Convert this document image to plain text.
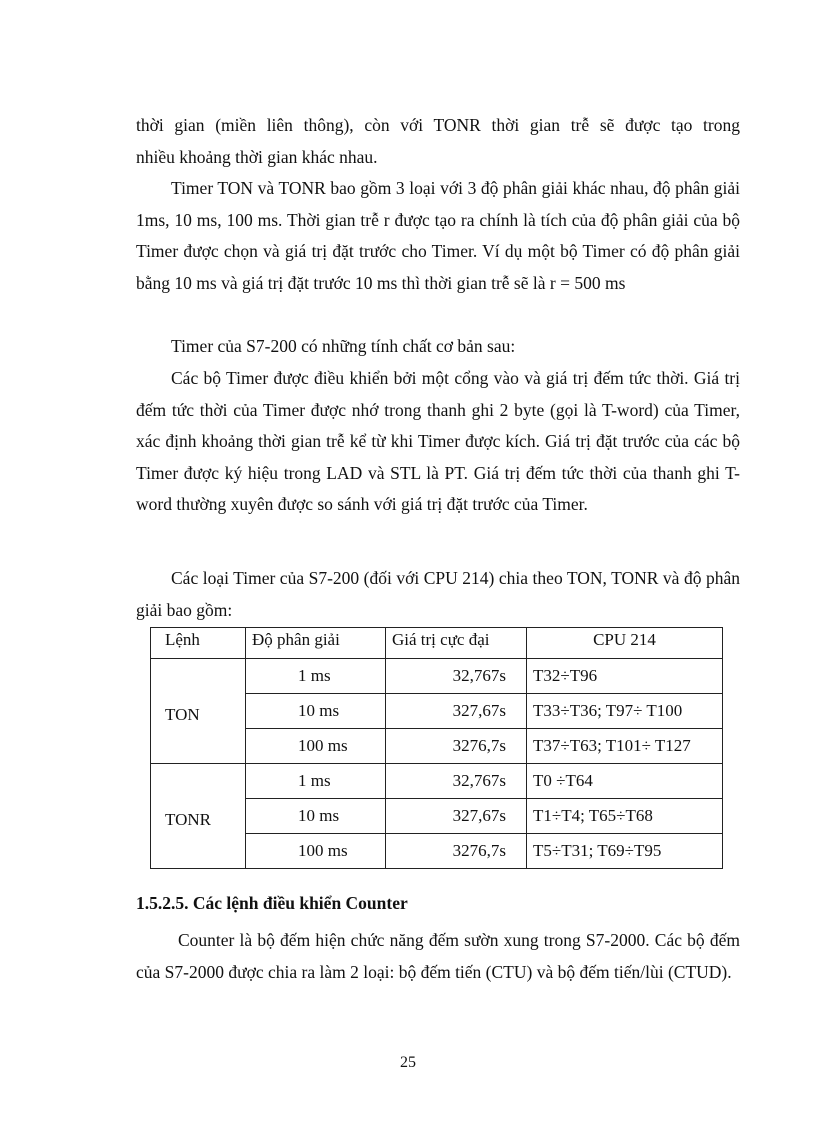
thời gian (miền liên thông), còn với TONR thời gian trễ sẽ được tạo trong

nhiều khoảng thời gian khác nhau.

Timer TON và TONR bao gồm 3 loại với 3 độ phân giải khác nhau, độ phân giải 1ms, 10 ms, 100 ms. Thời gian trễ r được tạo ra chính là tích của độ phân giải của bộ Timer được chọn và giá trị đặt trước cho Timer. Ví dụ một bộ Timer có độ phân giải bằng 10 ms và giá trị đặt trước 10 ms thì thời gian trễ sẽ là r = 500 ms

Timer của S7-200 có những tính chất cơ bản sau:

Các bộ Timer được điều khiển bởi một cổng vào và giá trị đếm tức thời. Giá trị đếm tức thời của Timer được nhớ trong thanh ghi 2 byte (gọi là T-word) của Timer, xác định khoảng thời gian trễ kể từ khi Timer được kích. Giá trị đặt trước của các bộ Timer được ký hiệu trong LAD và STL là PT. Giá trị đếm tức thời của thanh ghi T-word thường xuyên được so sánh với giá trị đặt trước của Timer.

Các loại Timer của S7-200 (đối với CPU 214) chia theo TON, TONR và độ phân giải bao gồm:

Lệnh	Độ phân giải	Giá trị cực đại	CPU 214
TON	1 ms	32,767s	T32÷T96
	10 ms	327,67s	T33÷T36; T97÷ T100
	100 ms	3276,7s	T37÷T63; T101÷ T127
TONR	1 ms	32,767s	T0 ÷T64
	10 ms	327,67s	T1÷T4; T65÷T68
	100 ms	3276,7s	T5÷T31; T69÷T95
1.5.2.5. Các lệnh điều khiển Counter

Counter là bộ đếm hiện chức năng đếm sườn xung trong S7-2000. Các bộ đếm của S7-2000 được chia ra làm 2 loại: bộ đếm tiến (CTU) và bộ đếm tiến/lùi (CTUD).

25
